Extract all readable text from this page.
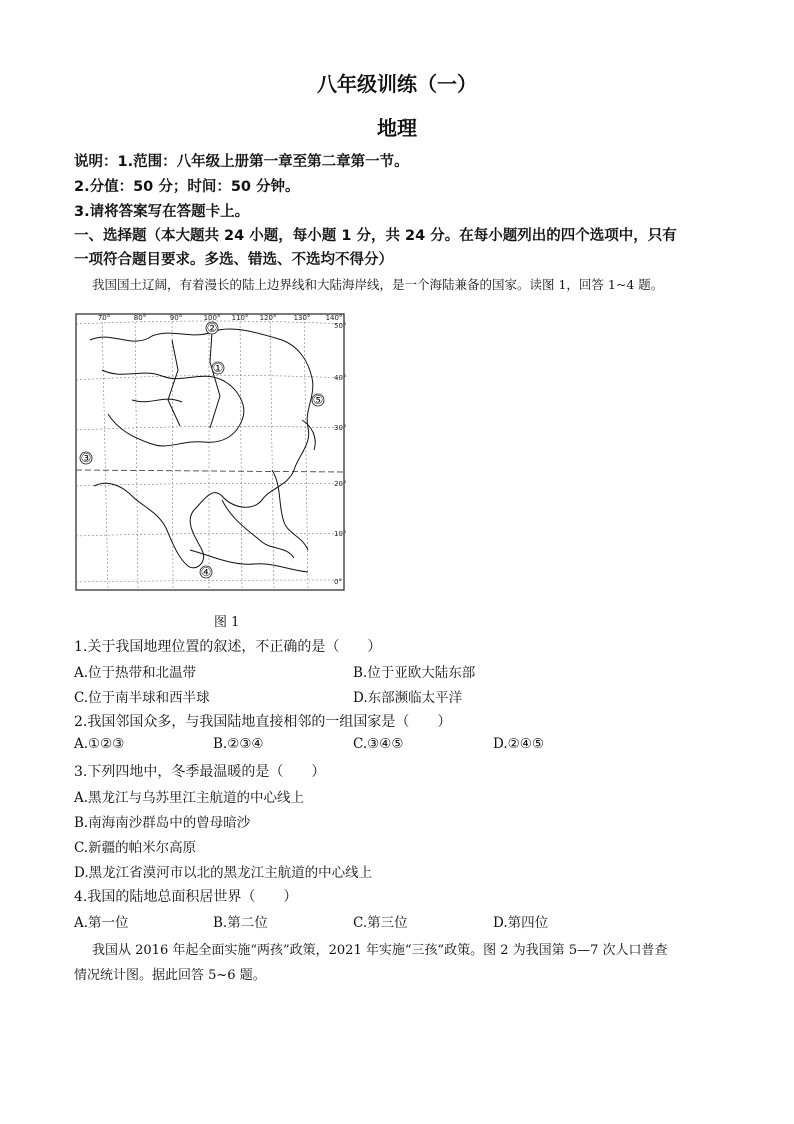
八年级训练（一）
地理
说明：1.范围：八年级上册第一章至第二章第一节。
2.分值：50 分；时间：50 分钟。
3.请将答案写在答题卡上。
一、选择题（本大题共 24 小题，每小题 1 分，共 24 分。在每小题列出的四个选项中，只有
一项符合题目要求。多选、错选、不选均不得分）
我国国土辽阔，有着漫长的陆上边界线和大陆海岸线，是一个海陆兼备的国家。读图 1，回答 1~4 题。
①
②
③
④
⑤
70°	80°	90°	100° 110° 120° 130° 140°
50°
40°
30°
20°
10°
0°
图 1
1.关于我国地理位置的叙述，不正确的是（　　）
A.位于热带和北温带	B.位于亚欧大陆东部
C.位于南半球和西半球	D.东部濒临太平洋
2.我国邻国众多，与我国陆地直接相邻的一组国家是（　　）
A.①②③	B.②③④	C.③④⑤	D.②④⑤
3.下列四地中，冬季最温暖的是（　　）
A.黑龙江与乌苏里江主航道的中心线上
B.南海南沙群岛中的曾母暗沙
C.新疆的帕米尔高原
D.黑龙江省漠河市以北的黑龙江主航道的中心线上
4.我国的陆地总面积居世界（　　）
A.第一位	B.第二位	C.第三位	D.第四位
我国从 2016 年起全面实施“两孩”政策，2021 年实施“三孩”政策。图 2 为我国第 5—7 次人口普查
情况统计图。据此回答 5~6 题。
